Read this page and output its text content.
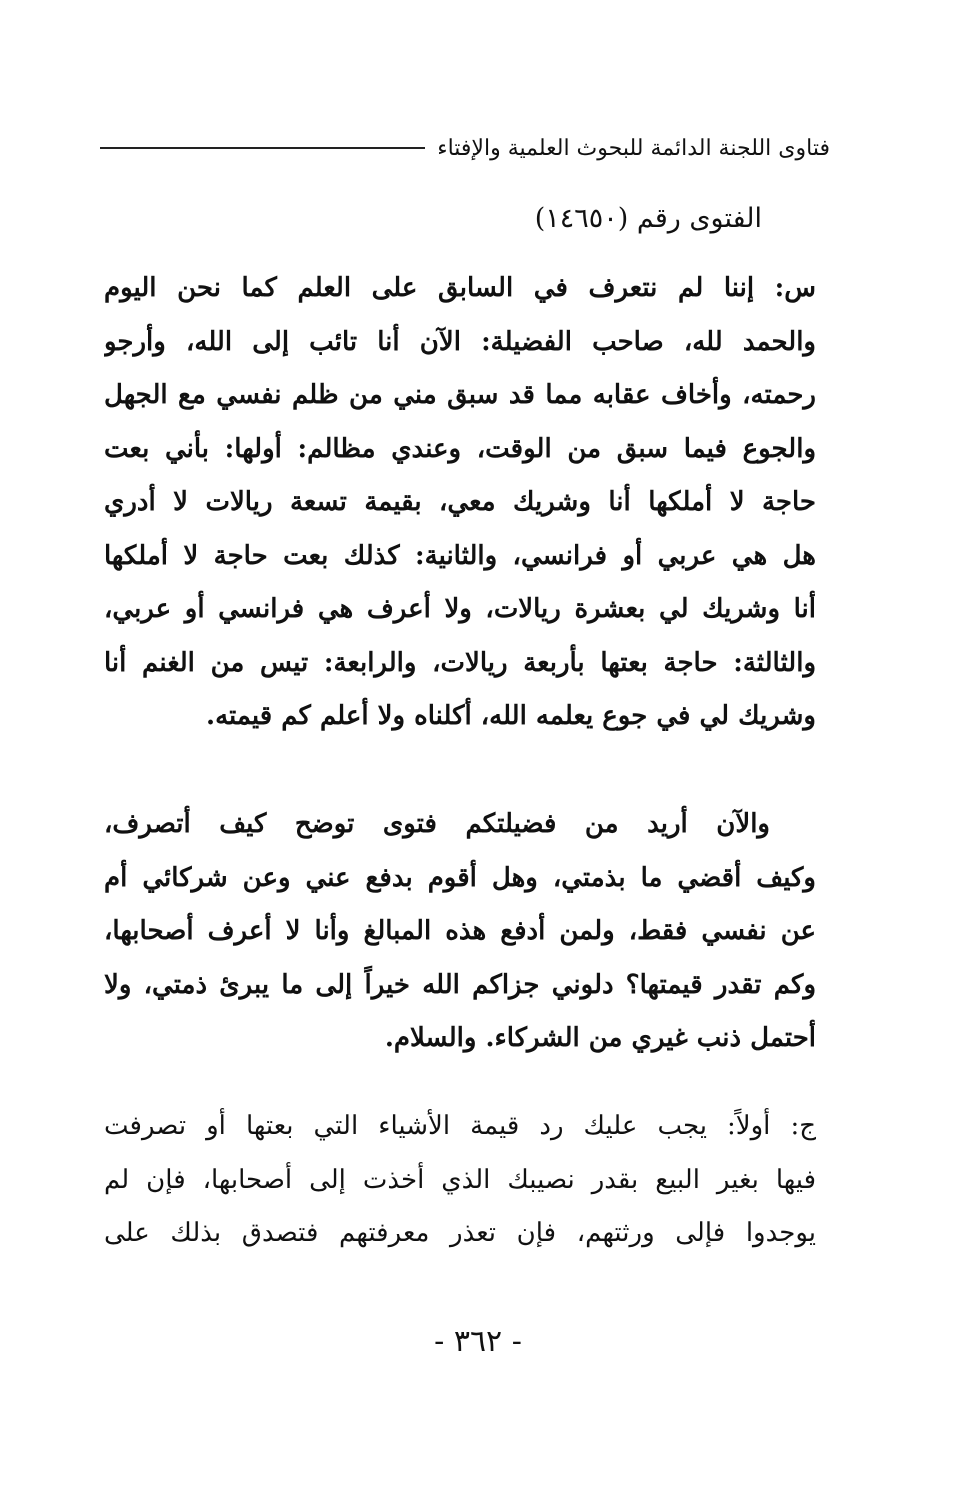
فتاوى اللجنة الدائمة للبحوث العلمية والإفتاء
الفتوى رقم (١٤٦٥٠)
س: إننا لم نتعرف في السابق على العلم كما نحن اليوم
والحمد لله، صاحب الفضيلة: الآن أنا تائب إلى الله، وأرجو
رحمته، وأخاف عقابه مما قد سبق مني من ظلم نفسي مع الجهل
والجوع فيما سبق من الوقت، وعندي مظالم: أولها: بأني بعت
حاجة لا أملكها أنا وشريك معي، بقيمة تسعة ريالات لا أدري
هل هي عربي أو فرانسي، والثانية: كذلك بعت حاجة لا أملكها
أنا وشريك لي بعشرة ريالات، ولا أعرف هي فرانسي أو عربي،
والثالثة: حاجة بعتها بأربعة ريالات، والرابعة: تيس من الغنم أنا
وشريك لي في جوع يعلمه الله، أكلناه ولا أعلم كم قيمته.
والآن أريد من فضيلتكم فتوى توضح كيف أتصرف،
وكيف أقضي ما بذمتي، وهل أقوم بدفع عني وعن شركائي أم
عن نفسي فقط، ولمن أدفع هذه المبالغ وأنا لا أعرف أصحابها،
وكم تقدر قيمتها؟ دلوني جزاكم الله خيراً إلى ما يبرئ ذمتي، ولا
أحتمل ذنب غيري من الشركاء. والسلام.
ج: أولاً: يجب عليك رد قيمة الأشياء التي بعتها أو تصرفت
فيها بغير البيع بقدر نصيبك الذي أخذت إلى أصحابها، فإن لم
يوجدوا فإلى ورثتهم، فإن تعذر معرفتهم فتصدق بذلك على
- ٣٦٢ -
